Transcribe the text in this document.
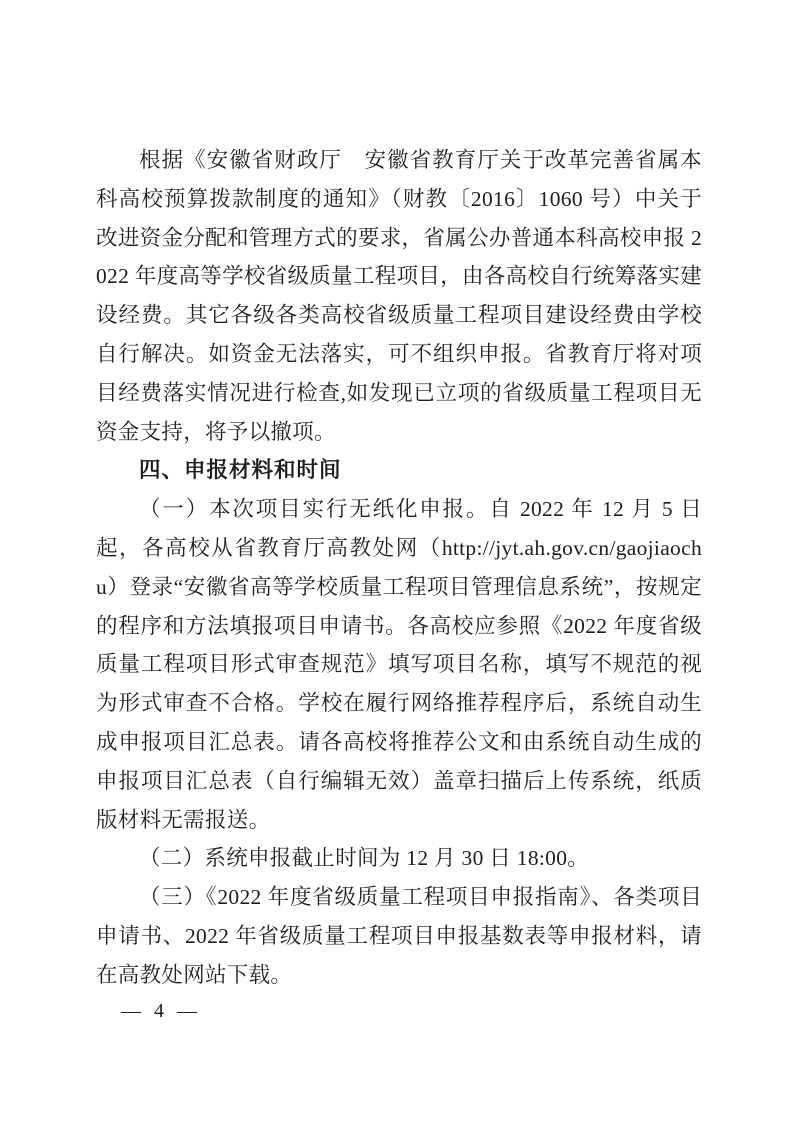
根据《安徽省财政厅　安徽省教育厅关于改革完善省属本科高校预算拨款制度的通知》（财教〔2016〕1060 号）中关于改进资金分配和管理方式的要求，省属公办普通本科高校申报 2022 年度高等学校省级质量工程项目，由各高校自行统筹落实建设经费。其它各级各类高校省级质量工程项目建设经费由学校自行解决。如资金无法落实，可不组织申报。省教育厅将对项目经费落实情况进行检查,如发现已立项的省级质量工程项目无资金支持，将予以撤项。

四、申报材料和时间

（一）本次项目实行无纸化申报。自 2022 年 12 月 5 日起，各高校从省教育厅高教处网（http://jyt.ah.gov.cn/gaojiaochu）登录“安徽省高等学校质量工程项目管理信息系统”，按规定的程序和方法填报项目申请书。各高校应参照《2022 年度省级质量工程项目形式审查规范》填写项目名称，填写不规范的视为形式审查不合格。学校在履行网络推荐程序后，系统自动生成申报项目汇总表。请各高校将推荐公文和由系统自动生成的申报项目汇总表（自行编辑无效）盖章扫描后上传系统，纸质版材料无需报送。

（二）系统申报截止时间为 12 月 30 日 18:00。

（三）《2022 年度省级质量工程项目申报指南》、各类项目申请书、2022 年省级质量工程项目申报基数表等申报材料，请在高教处网站下载。

— 4 —
